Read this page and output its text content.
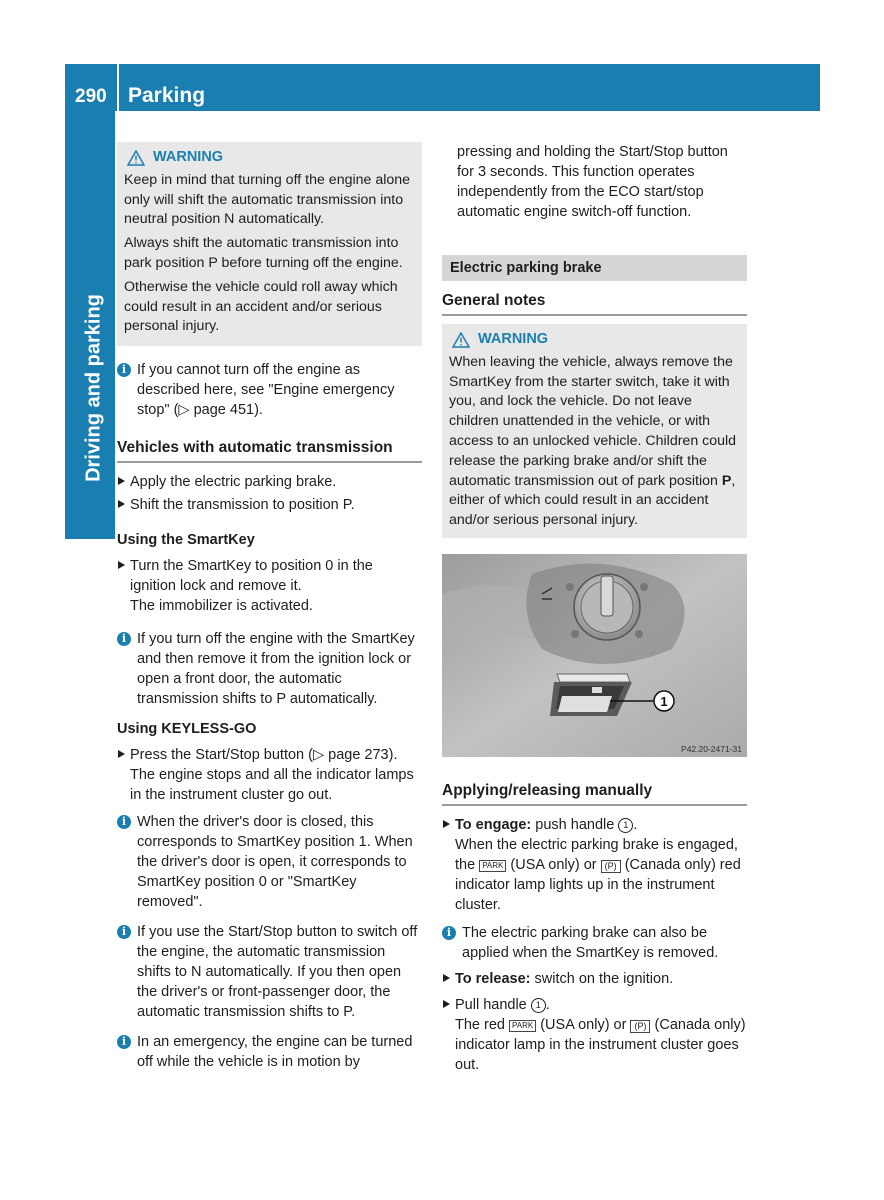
290 Parking
Driving and parking
WARNING

Keep in mind that turning off the engine alone only will shift the automatic transmission into neutral position N automatically.

Always shift the automatic transmission into park position P before turning off the engine.

Otherwise the vehicle could roll away which could result in an accident and/or serious personal injury.

i If you cannot turn off the engine as described here, see "Engine emergency stop" (▷ page 451).

Vehicles with automatic transmission

Apply the electric parking brake.

Shift the transmission to position P.

Using the SmartKey

Turn the SmartKey to position 0 in the ignition lock and remove it.

The immobilizer is activated.

i If you turn off the engine with the SmartKey and then remove it from the ignition lock or open a front door, the automatic transmission shifts to P automatically.

Using KEYLESS-GO

Press the Start/Stop button (▷ page 273). The engine stops and all the indicator lamps in the instrument cluster go out.

i When the driver's door is closed, this corresponds to SmartKey position 1. When the driver's door is open, it corresponds to SmartKey position 0 or "SmartKey removed".

i If you use the Start/Stop button to switch off the engine, the automatic transmission shifts to N automatically. If you then open the driver's or front-passenger door, the automatic transmission shifts to P.

i In an emergency, the engine can be turned off while the vehicle is in motion by

pressing and holding the Start/Stop button for 3 seconds. This function operates independently from the ECO start/stop automatic engine switch-off function.

Electric parking brake
General notes
WARNING

When leaving the vehicle, always remove the SmartKey from the starter switch, take it with you, and lock the vehicle. Do not leave children unattended in the vehicle, or with access to an unlocked vehicle. Children could release the parking brake and/or shift the automatic transmission out of park position P, either of which could result in an accident and/or serious personal injury.

1
P42.20-2471-31
Applying/releasing manually

To engage: push handle 1 .

When the electric parking brake is engaged, the PARK (USA only) or (P) (Canada only) red indicator lamp lights up in the instrument cluster.

i The electric parking brake can also be applied when the SmartKey is removed.

To release: switch on the ignition.

Pull handle 1 .

The red PARK (USA only) or (P) (Canada only) indicator lamp in the instrument cluster goes out.
